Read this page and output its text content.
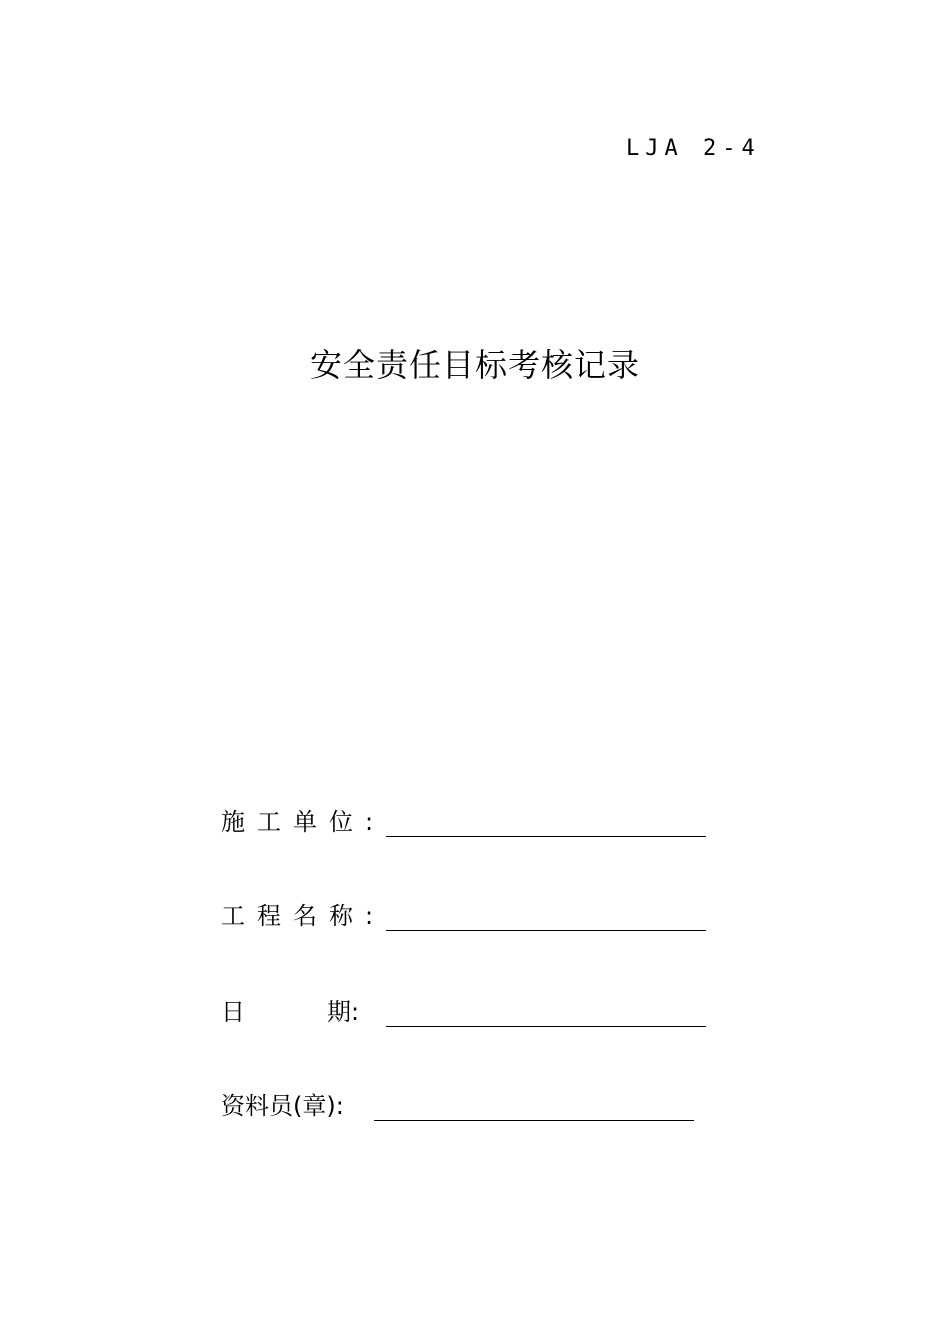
LJA 2-4
安全责任目标考核记录
施工单位:
工程名称:
日	期:
资料员(章):
